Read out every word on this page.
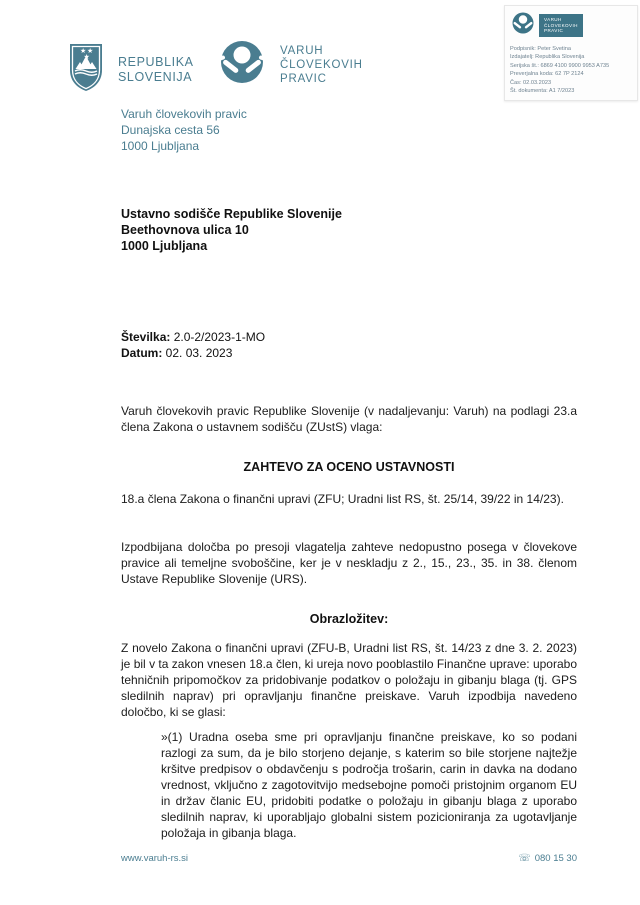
★ ★
★ REPUBLIKA
SLOVENIJA
VARUH
ČLOVEKOVIH
PRAVIC
VARUH
ČLOVEKOVIH
PRAVIC
Podpisnik: Peter Svetina
Izdajatelj: Republika Slovenija
Serijska št.: 6869 4100 9900 9953 A735
Preverjalna koda: 62 7P 2124
Čas: 02.03.2023
Št. dokumenta: A1 7/2023
Varuh človekovih pravic
Dunajska cesta 56
1000 Ljubljana
Ustavno sodišče Republike Slovenije
Beethovnova ulica 10
1000 Ljubljana
Številka: 2.0-2/2023-1-MO
Datum: 02. 03. 2023
Varuh človekovih pravic Republike Slovenije (v nadaljevanju: Varuh) na podlagi 23.a člena Zakona o ustavnem sodišču (ZUstS) vlaga:
ZAHTEVO ZA OCENO USTAVNOSTI
18.a člena Zakona o finančni upravi (ZFU; Uradni list RS, št. 25/14, 39/22 in 14/23).
Izpodbijana določba po presoji vlagatelja zahteve nedopustno posega v človekove pravice ali temeljne svoboščine, ker je v neskladju z 2., 15., 23., 35. in 38. členom Ustave Republike Slovenije (URS).
Obrazložitev:
Z novelo Zakona o finančni upravi (ZFU-B, Uradni list RS, št. 14/23 z dne 3. 2. 2023) je bil v ta zakon vnesen 18.a člen, ki ureja novo pooblastilo Finančne uprave: uporabo tehničnih pripomočkov za pridobivanje podatkov o položaju in gibanju blaga (tj. GPS sledilnih naprav) pri opravljanju finančne preiskave. Varuh izpodbija navedeno določbo, ki se glasi:
»(1) Uradna oseba sme pri opravljanju finančne preiskave, ko so podani razlogi za sum, da je bilo storjeno dejanje, s katerim so bile storjene najtežje kršitve predpisov o obdavčenju s področja trošarin, carin in davka na dodano vrednost, vključno z zagotovitvijo medsebojne pomoči pristojnim organom EU in držav članic EU, pridobiti podatke o položaju in gibanju blaga z uporabo sledilnih naprav, ki uporabljajo globalni sistem pozicioniranja za ugotavljanje položaja in gibanja blaga.
www.varuh-rs.si	☏ 080 15 30
